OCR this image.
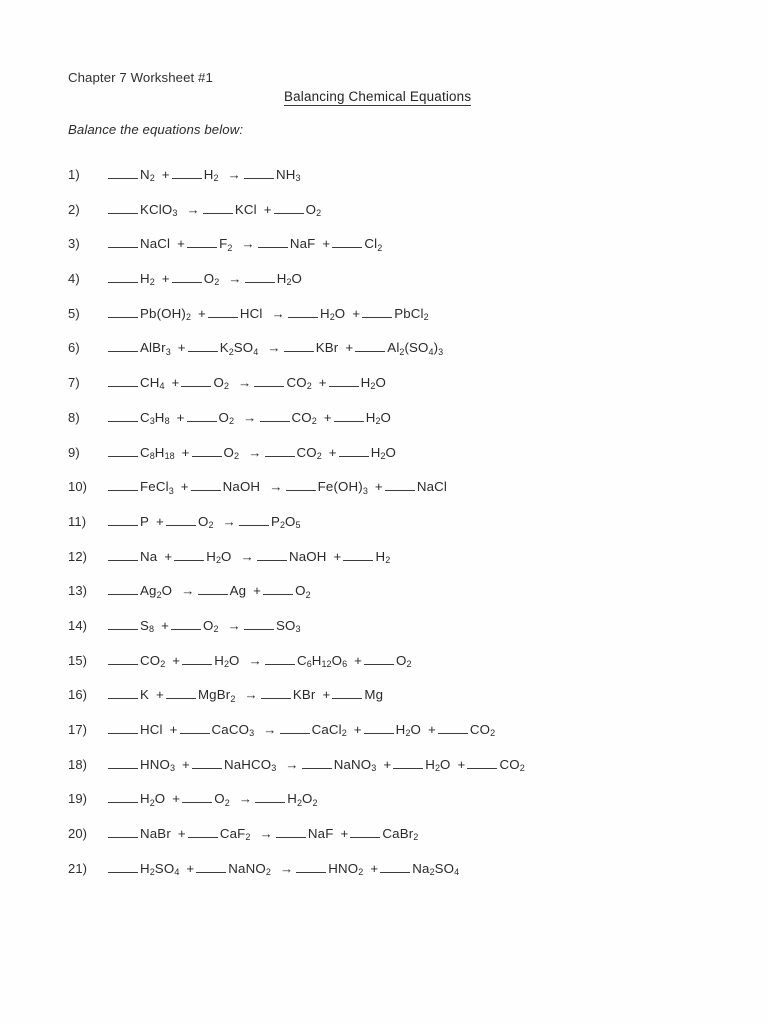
Chapter 7 Worksheet #1
Balancing Chemical Equations
Balance the equations below:
1)	$N_2$ +	$H_2$ →	$NH_3$
2)	KClO$_3$ →	KCl +	$O_2$
3)	NaCl +	$F_2$ →	NaF +	$Cl_2$
4)	$H_2$ +	$O_2$ →	$H_2O$
5)	$Pb(OH)_2$ +	HCl →	$H_2O$ +	PbCl$_2$
6)	AlBr$_3$ +	$K_2SO_4$ →	KBr +	$Al_2(SO_4)_3$
7)	$CH_4$ +	$O_2$ →	$CO_2$ +	$H_2O$
8)	$C_3H_8$ +	$O_2$ →	$CO_2$ +	$H_2O$
9)	$C_8H_{18}$ +	$O_2$ →	$CO_2$ +	$H_2O$
10)	FeCl$_3$ +	NaOH →	$Fe(OH)_3$ +	NaCl
11)	P +	$O_2$ →	$P_2O_5$
12)	Na +	$H_2O$ →	NaOH +	$H_2$
13)	$Ag_2O$ →	Ag +	$O_2$
14)	$S_8$ +	$O_2$ →	$SO_3$
15)	$CO_2$ +	$H_2O$ →	$C_6H_{12}O_6$ +	$O_2$
16)	K +	MgBr$_2$ →	KBr +	Mg
17)	HCl +	CaCO$_3$ →	CaCl$_2$ +	$H_2O$ +	$CO_2$
18)	$HNO_3$ +	NaHCO$_3$ →	NaNO$_3$ +	$H_2O$ +	$CO_2$
19)	$H_2O$ +	$O_2$ →	$H_2O_2$
20)	NaBr +	CaF$_2$ →	NaF +	CaBr$_2$
21)	$H_2SO_4$ +	NaNO$_2$ →	$HNO_2$ +	$Na_2SO_4$
